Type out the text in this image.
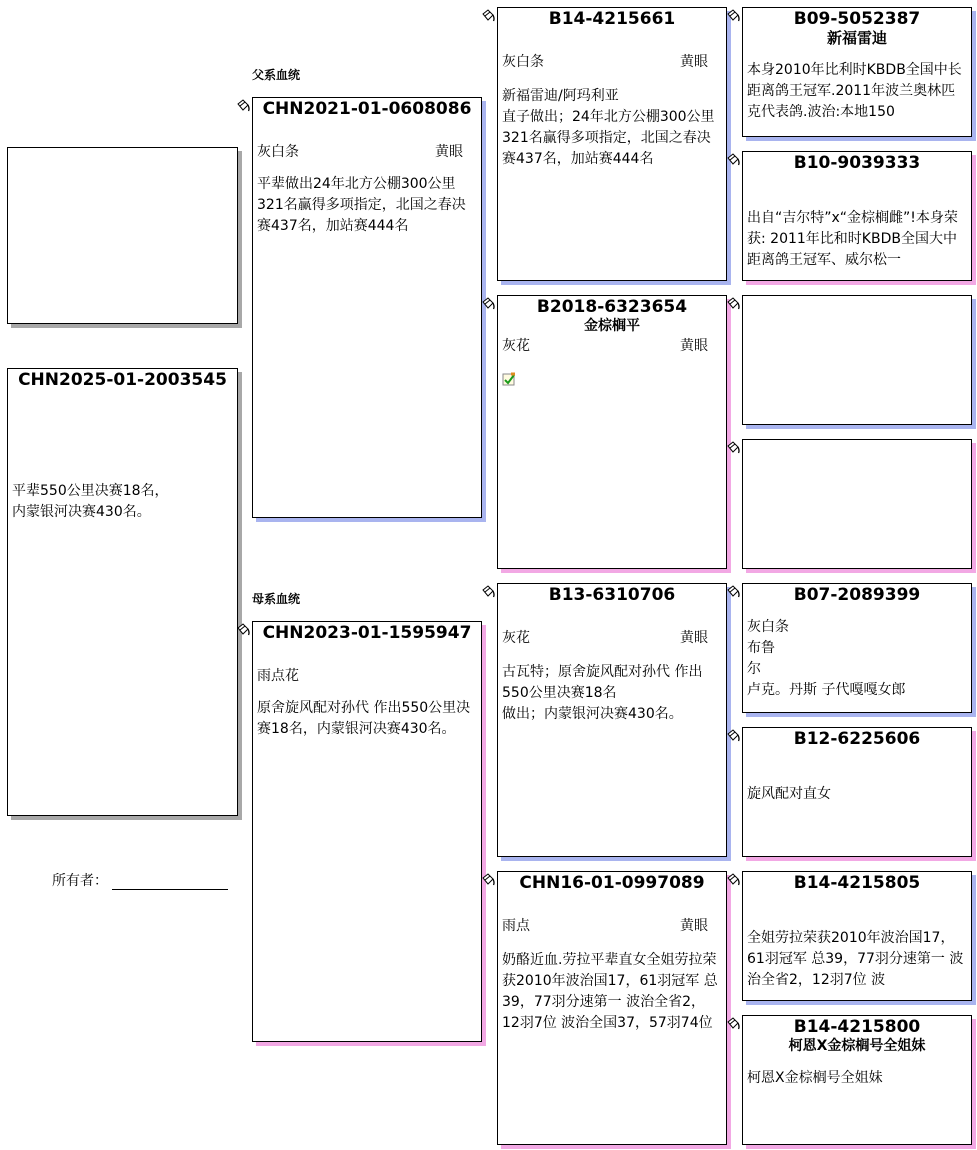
CHN2025-01-2003545

平辈550公里决赛18名，
内蒙银河决赛430名。

所有者：
父系血统
母系血统
CHN2021-01-0608086
灰白条	黄眼

平辈做出24年北方公棚300公里321名赢得多项指定，北国之春决赛437名，加站赛444名

CHN2023-01-1595947
雨点花

原舍旋风配对孙代 作出550公里决赛18名，内蒙银河决赛430名。

B14-4215661
灰白条	黄眼

新福雷迪/阿玛利亚
直子做出；24年北方公棚300公里321名赢得多项指定，北国之春决赛437名，加站赛444名

B2018-6323654
金棕榈平
灰花	黄眼
B13-6310706
灰花	黄眼

古瓦特；原舍旋风配对孙代 作出550公里决赛18名
做出；内蒙银河决赛430名。

CHN16-01-0997089
雨点	黄眼

奶酪近血.劳拉平辈直女全姐劳拉荣获2010年波治国17，61羽冠军 总39，77羽分速第一 波治全省2，12羽7位 波治全国37，57羽74位

B09-5052387
新福雷迪

本身2010年比利时KBDB全国中长距离鸽王冠军.2011年波兰奥林匹克代表鸽.波治:本地150

B10-9039333

出自“吉尔特”x“金棕榈雌”!本身荣获: 2011年比和时KBDB全国大中距离鸽王冠军、威尔松一

B07-2089399

灰白条
布鲁
尔
卢克。丹斯 子代嘎嘎女郎

B12-6225606

旋风配对直女

B14-4215805

全姐劳拉荣获2010年波治国17，61羽冠军 总39，77羽分速第一 波治全省2，12羽7位 波

B14-4215800
柯恩X金棕榈号全姐妹

柯恩X金棕榈号全姐妹
